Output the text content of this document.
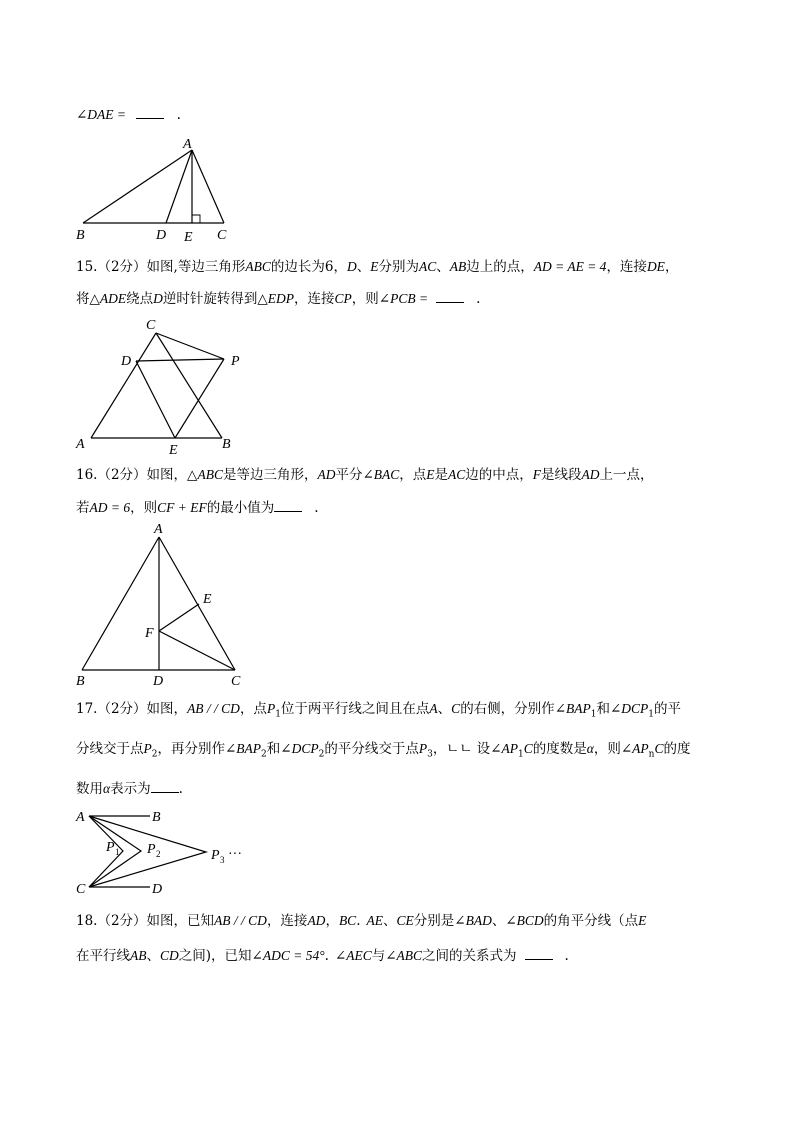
∠DAE =	.
A
B	D E C
15.（2分）如图,等边三角形ABC的边长为6，D、E分别为AC、AB边上的点，AD = AE = 4，连接DE，
将△ADE绕点D逆时针旋转得到△EDP，连接CP，则∠PCB =	.
C
D	P
A	E	B
16.（2分）如图，△ABC是等边三角形，AD平分∠BAC，点E是AC边的中点，F是线段AD上一点，
若AD = 6，则CF + EF的最小值为	.
A
E
F
B	D	C
17.（2分）如图，AB / / CD，点$P_1$位于两平行线之间且在点A、C的右侧，分别作$\angle BAP_1$和$\angle DCP_1$的平
分线交于点$P_2$，再分别作$\angle BAP_2$和$\angle DCP_2$的平分线交于点$P_3$，ㄴㄴ 设$\angle AP_1C$的度数是α，则$\angle AP_nC$的度
数用α表示为 .
A	B
P 1 P 2	P 3 ···
C	D
18.（2分）如图，已知AB / / CD，连接AD，BC. AE、CE分别是∠BAD、∠BCD的角平分线（点E
在平行线AB、CD之间)，已知∠ADC = 54°. ∠AEC与∠ABC之间的关系式为	.
